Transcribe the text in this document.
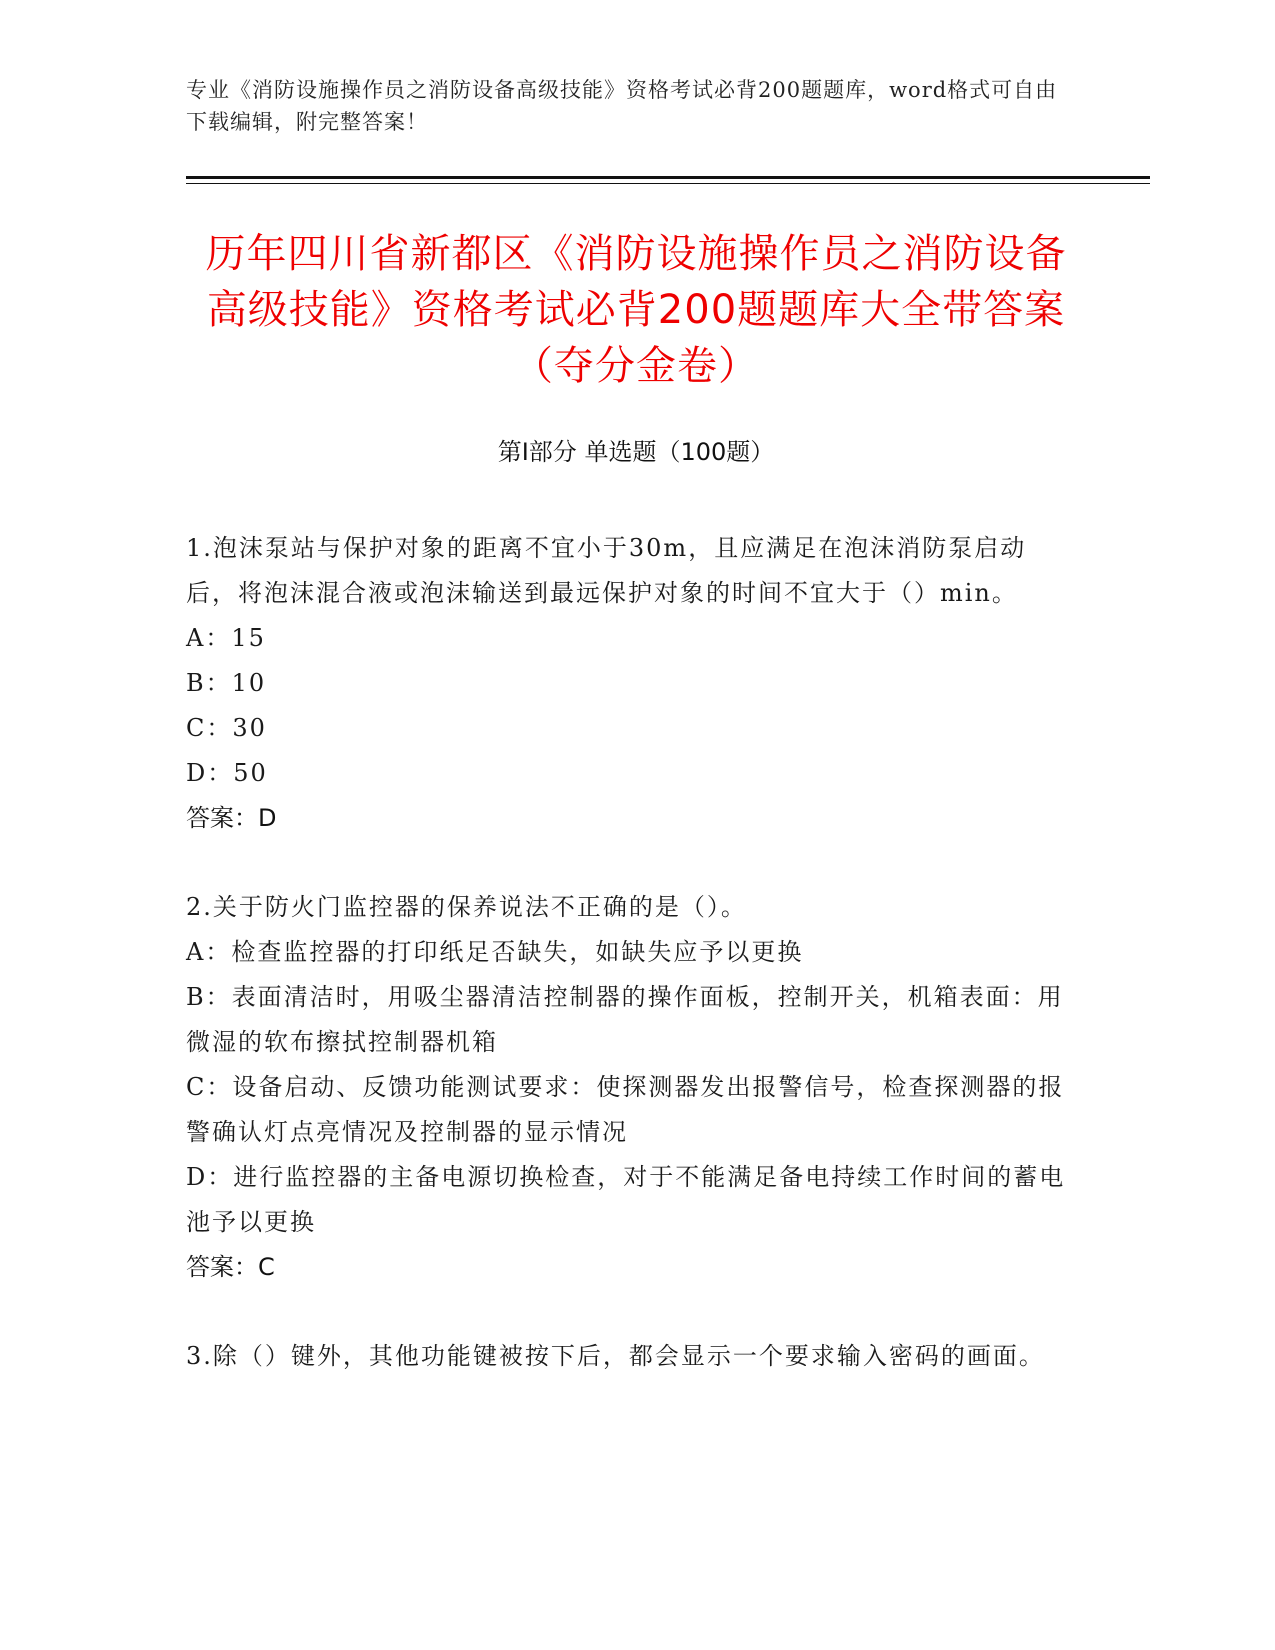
专业《消防设施操作员之消防设备高级技能》资格考试必背200题题库，word格式可自由下载编辑，附完整答案！
历年四川省新都区《消防设施操作员之消防设备高级技能》资格考试必背200题题库大全带答案（夺分金卷）
第Ⅰ部分 单选题（100题）
1.泡沫泵站与保护对象的距离不宜小于30m，且应满足在泡沫消防泵启动后，将泡沫混合液或泡沫输送到最远保护对象的时间不宜大于（）min。
A：15
B：10
C：30
D：50
答案：D
2.关于防火门监控器的保养说法不正确的是（）。
A：检查监控器的打印纸足否缺失，如缺失应予以更换
B：表面清洁时，用吸尘器清洁控制器的操作面板，控制开关，机箱表面：用微湿的软布擦拭控制器机箱
C：设备启动、反馈功能测试要求：使探测器发出报警信号，检查探测器的报警确认灯点亮情况及控制器的显示情况
D：进行监控器的主备电源切换检查，对于不能满足备电持续工作时间的蓄电池予以更换
答案：C
3.除（）键外，其他功能键被按下后，都会显示一个要求输入密码的画面。
